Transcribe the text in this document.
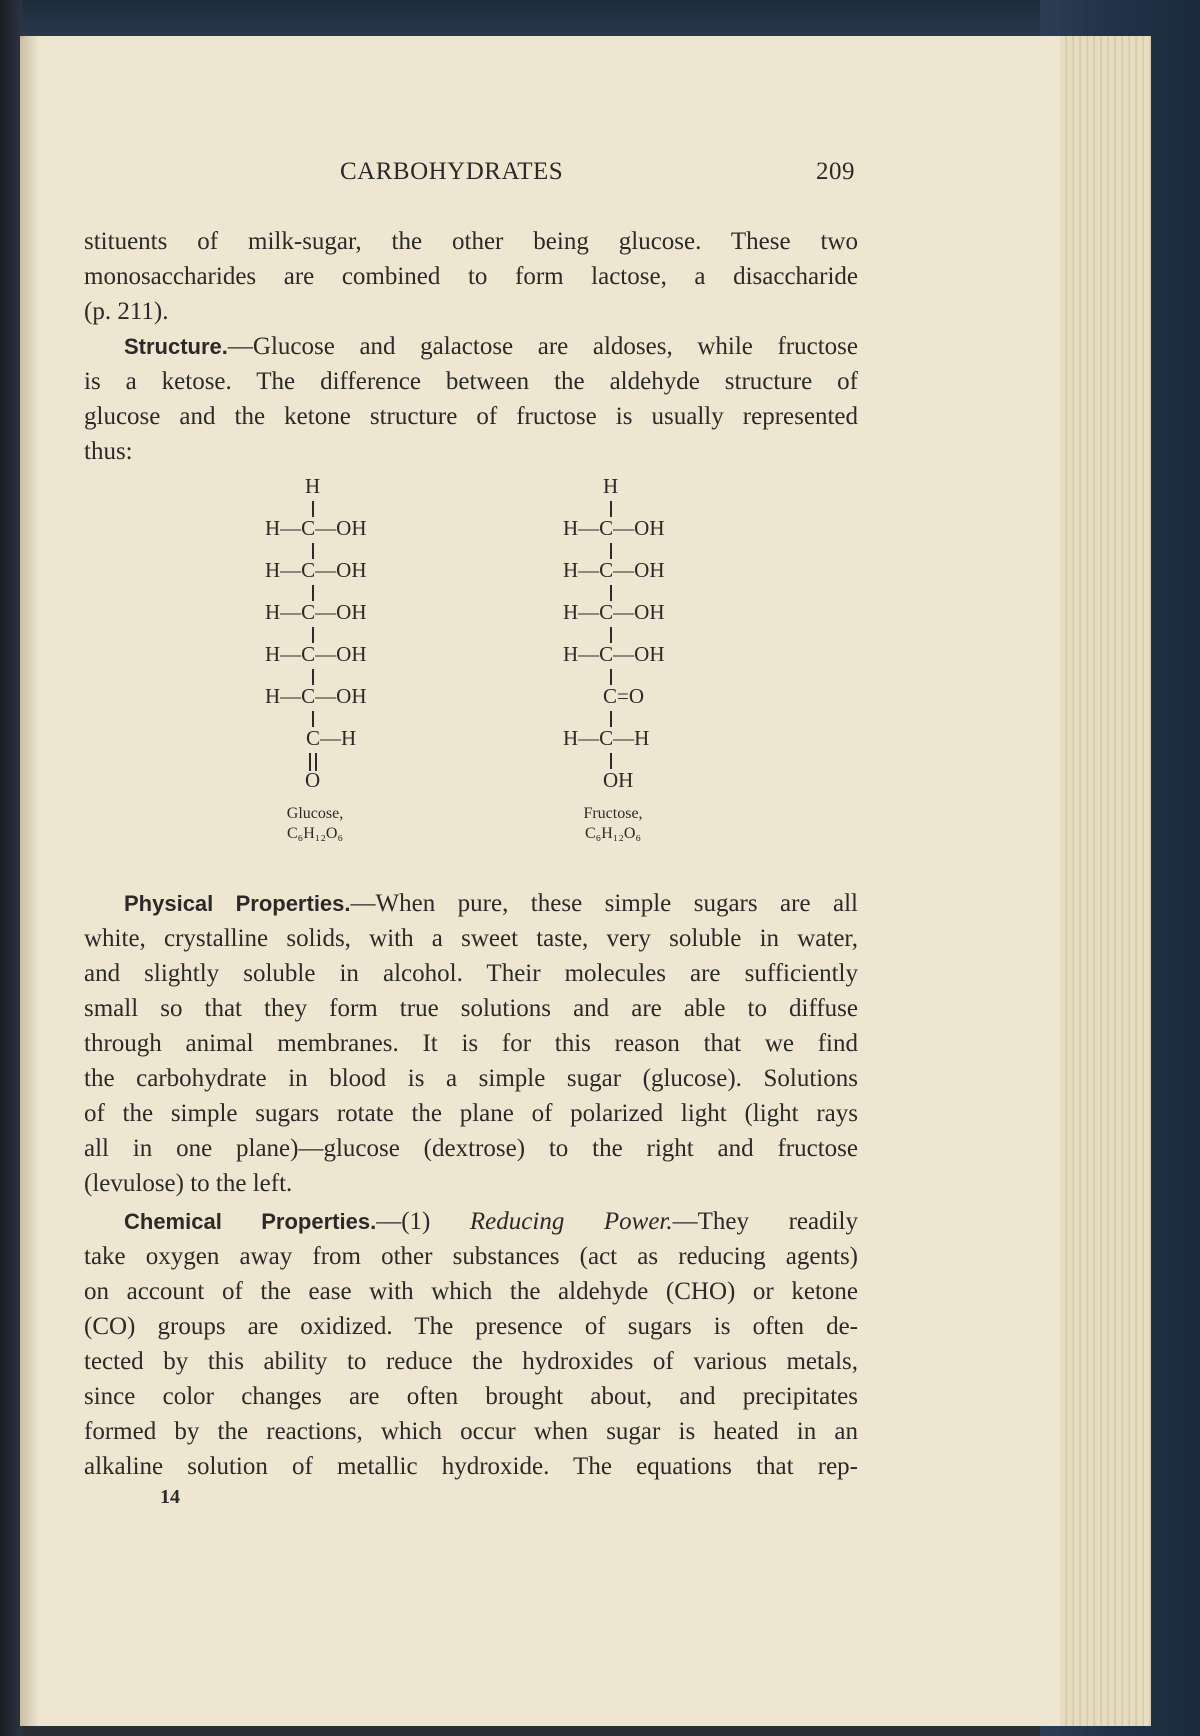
CARBOHYDRATES	209
stituents of milk-sugar, the other being glucose. These two
monosaccharides are combined to form lactose, a disaccharide
(p. 211).
Structure.—Glucose and galactose are aldoses, while fructose
is a ketose. The difference between the aldehyde structure of
glucose and the ketone structure of fructose is usually represented
thus:
H
H—C—OH
H—C—OH
H—C—OH
H—C—OH
H—C—OH
C—H
O
Glucose,
C₆H₁₂O₆
H
H—C—OH
H—C—OH
H—C—OH
H—C—OH
C=O
H—C—H
OH
Fructose,
C₆H₁₂O₆
Physical Properties.—When pure, these simple sugars are all
white, crystalline solids, with a sweet taste, very soluble in water,
and slightly soluble in alcohol. Their molecules are sufficiently
small so that they form true solutions and are able to diffuse
through animal membranes. It is for this reason that we find
the carbohydrate in blood is a simple sugar (glucose). Solutions
of the simple sugars rotate the plane of polarized light (light rays
all in one plane)—glucose (dextrose) to the right and fructose
(levulose) to the left.
Chemical Properties.—(1) Reducing Power.—They readily
take oxygen away from other substances (act as reducing agents)
on account of the ease with which the aldehyde (CHO) or ketone
(CO) groups are oxidized. The presence of sugars is often de-
tected by this ability to reduce the hydroxides of various metals,
since color changes are often brought about, and precipitates
formed by the reactions, which occur when sugar is heated in an
alkaline solution of metallic hydroxide. The equations that rep-
14
